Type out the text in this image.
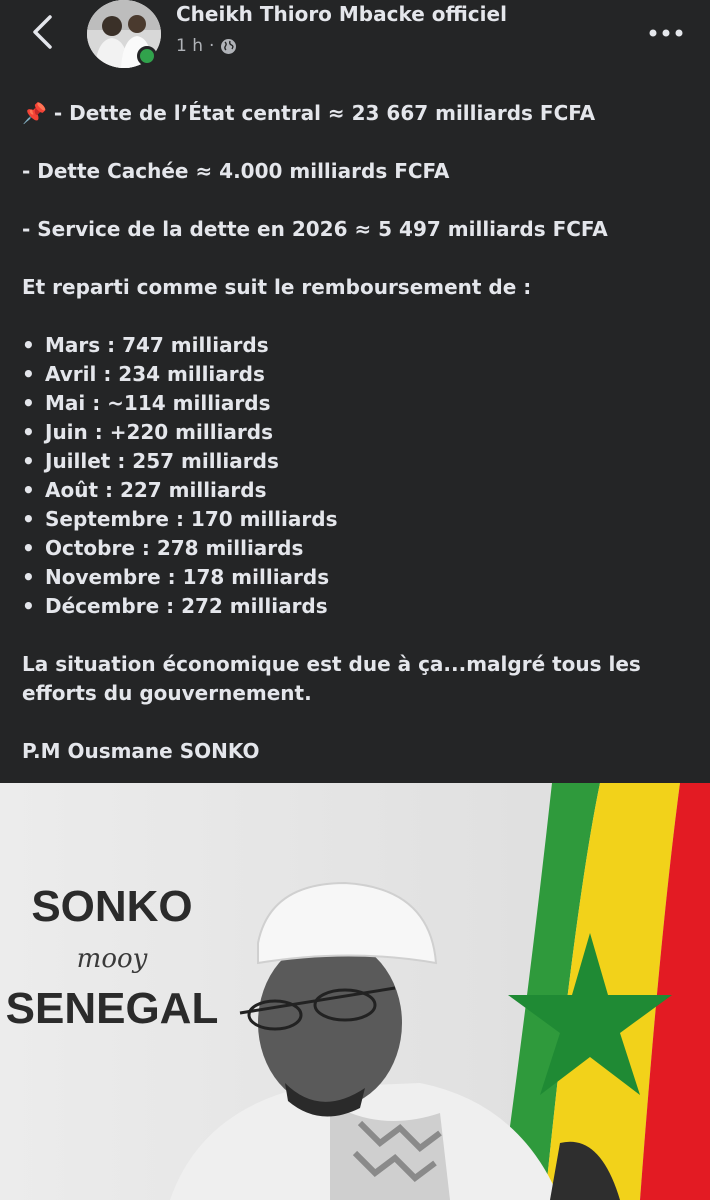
Cheikh Thioro Mbacke officiel
1 h ·

📌 - Dette de l’État central ≈ 23 667 milliards FCFA

- Dette Cachée ≈ 4.000 milliards FCFA

- Service de la dette en 2026 ≈ 5 497 milliards FCFA

Et reparti comme suit le remboursement de :

• Mars : 747 milliards
• Avril : 234 milliards
• Mai : ~114 milliards
• Juin : +220 milliards
• Juillet : 257 milliards
• Août : 227 milliards
• Septembre : 170 milliards
• Octobre : 278 milliards
• Novembre : 178 milliards
• Décembre : 272 milliards

La situation économique est due à ça...malgré tous les efforts du gouvernement.

P.M Ousmane SONKO

SONKO
mooy
SENEGAL
